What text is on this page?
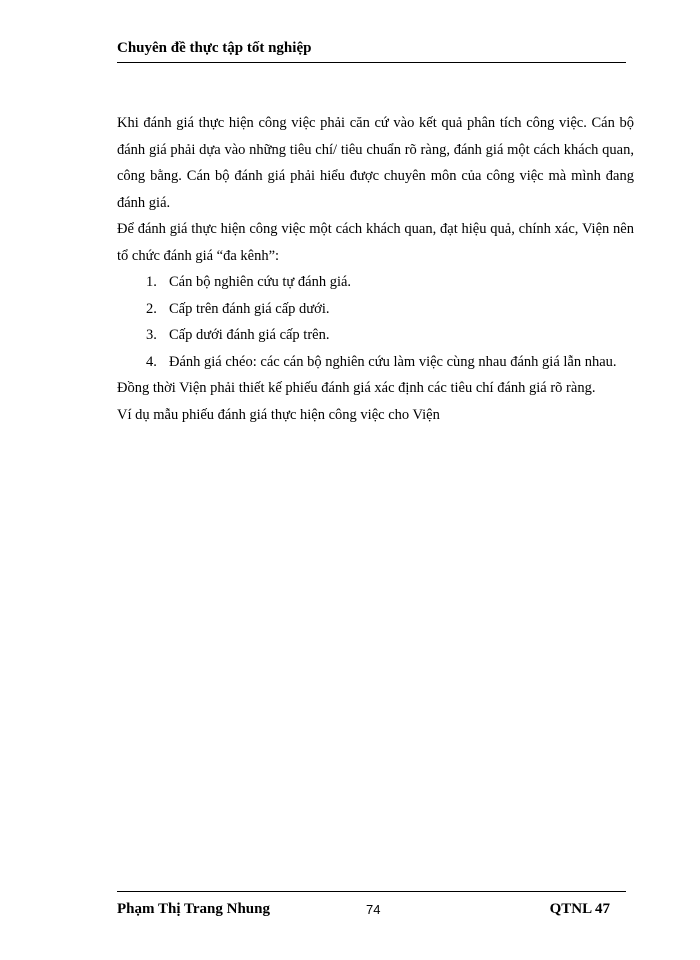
Chuyên đề thực tập tốt nghiệp

Khi đánh giá thực hiện công việc phải căn cứ vào kết quả phân tích công việc. Cán bộ đánh giá phải dựa vào những tiêu chí/ tiêu chuẩn rõ ràng, đánh giá một cách khách quan, công bằng. Cán bộ đánh giá phải hiểu được chuyên môn của công việc mà mình đang đánh giá.

Để đánh giá thực hiện công việc một cách khách quan, đạt hiệu quả, chính xác, Viện nên tổ chức đánh giá “đa kênh”:

1. Cán bộ nghiên cứu tự đánh giá.
2. Cấp trên đánh giá cấp dưới.
3. Cấp dưới đánh giá cấp trên.
4. Đánh giá chéo: các cán bộ nghiên cứu làm việc cùng nhau đánh giá lẫn nhau.

Đồng thời Viện phải thiết kế phiếu đánh giá xác định các tiêu chí đánh giá rõ ràng.

Ví dụ mẫu phiếu đánh giá thực hiện công việc cho Viện

Phạm Thị Trang Nhung	74	QTNL 47
